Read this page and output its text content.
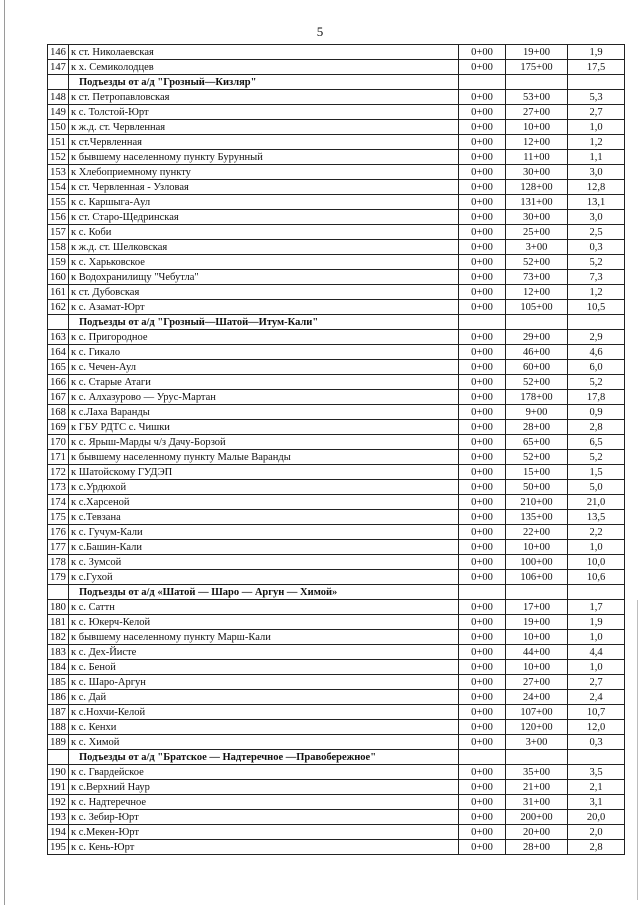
5
146	к ст. Николаевская	0+00	19+00	1,9
147	к х. Семиколодцев	0+00	175+00	17,5
	Подъезды от а/д "Грозный—Кизляр"			
148	к ст. Петропавловская	0+00	53+00	5,3
149	к с. Толстой-Юрт	0+00	27+00	2,7
150	к ж.д. ст. Червленная	0+00	10+00	1,0
151	к ст.Червленная	0+00	12+00	1,2
152	к бывшему населенному пункту Бурунный	0+00	11+00	1,1
153	к Хлебоприемному пункту	0+00	30+00	3,0
154	к ст. Червленная - Узловая	0+00	128+00	12,8
155	к с. Каршыга-Аул	0+00	131+00	13,1
156	к ст. Старо-Щедринская	0+00	30+00	3,0
157	к с. Коби	0+00	25+00	2,5
158	к ж.д. ст. Шелковская	0+00	3+00	0,3
159	к с. Харьковское	0+00	52+00	5,2
160	к Водохранилищу "Чебутла"	0+00	73+00	7,3
161	к ст. Дубовская	0+00	12+00	1,2
162	к с. Азамат-Юрт	0+00	105+00	10,5
	Подъезды от а/д "Грозный—Шатой—Итум-Кали"			
163	к с. Пригородное	0+00	29+00	2,9
164	к с. Гикало	0+00	46+00	4,6
165	к с. Чечен-Аул	0+00	60+00	6,0
166	к с. Старые Атаги	0+00	52+00	5,2
167	к с. Алхазурово — Урус-Мартан	0+00	178+00	17,8
168	к с.Лаха Варанды	0+00	9+00	0,9
169	к ГБУ РДТС с. Чишки	0+00	28+00	2,8
170	к с. Ярыш-Марды ч/з Дачу-Борзой	0+00	65+00	6,5
171	к бывшему населенному пункту Малые Варанды	0+00	52+00	5,2
172	к Шатойскому ГУДЭП	0+00	15+00	1,5
173	к с.Урдюхой	0+00	50+00	5,0
174	к с.Харсеной	0+00	210+00	21,0
175	к с.Тевзана	0+00	135+00	13,5
176	к с. Гучум-Кали	0+00	22+00	2,2
177	к с.Башин-Кали	0+00	10+00	1,0
178	к с. Зумсой	0+00	100+00	10,0
179	к с.Гухой	0+00	106+00	10,6
	Подъезды от а/д «Шатой — Шаро — Аргун — Химой»			
180	к с. Саттн	0+00	17+00	1,7
181	к с. Юкерч-Келой	0+00	19+00	1,9
182	к бывшему населенному пункту Марш-Кали	0+00	10+00	1,0
183	к с. Дех-Йисте	0+00	44+00	4,4
184	к с. Беной	0+00	10+00	1,0
185	к с. Шаро-Аргун	0+00	27+00	2,7
186	к с. Дай	0+00	24+00	2,4
187	к с.Нохчи-Келой	0+00	107+00	10,7
188	к с. Кенхи	0+00	120+00	12,0
189	к с. Химой	0+00	3+00	0,3
	Подъезды от а/д "Братское — Надтеречное —Правобережное"			
190	к с. Гвардейское	0+00	35+00	3,5
191	к с.Верхний Наур	0+00	21+00	2,1
192	к с. Надтеречное	0+00	31+00	3,1
193	к с. Зебир-Юрт	0+00	200+00	20,0
194	к с.Мекен-Юрт	0+00	20+00	2,0
195	к с. Кень-Юрт	0+00	28+00	2,8
